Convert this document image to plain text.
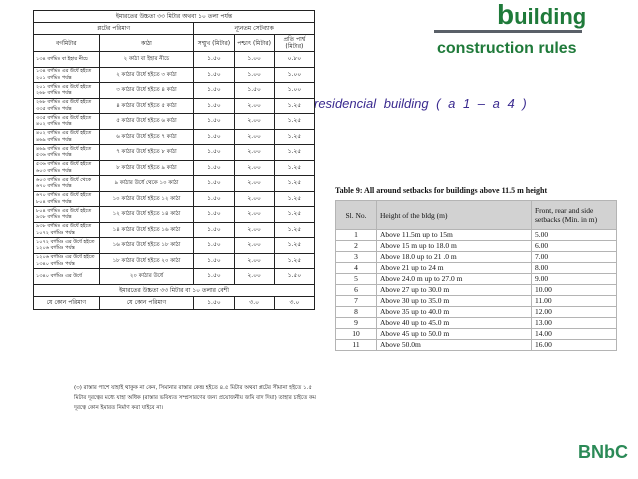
building
construction rules
residencial building ( a 1 – a 4 )
ইমারতের উচ্চতা ৩৩ মিটার অথবা ১০ তলা পর্যন্ত				
প্লটের পরিমাণ		ন্যূনতম সেটব্যাক		
বর্গমিটার	কাঠা	সম্মুখ (মিটার)	পশ্চাৎ (মিটার)	প্রতি পার্শ্ব (মিটার)
১৩৪ বর্গমিঃ বা ইহার নীচে	২ কাঠা বা ইহার নীচে	১.৫০	১.০০	০.৮০
১৩৪ বর্গমিঃ এর উর্ধে হইতে ২০১ বর্গমিঃ পর্যন্ত	২ কাঠার উর্ধে হইতে ৩ কাঠা	১.৫০	১.০০	১.০০
২০১ বর্গমিঃ এর উর্ধে হইতে ২৬৮ বর্গমিঃ পর্যন্ত	৩ কাঠার উর্ধে হইতে ৪ কাঠা	১.৫০	১.৫০	১.০০
২৬৮ বর্গমিঃ এর উর্ধে হইতে ৩৩৫ বর্গমিঃ পর্যন্ত	৪ কাঠার উর্ধে হইতে ৫ কাঠা	১.৫০	২.০০	১.২৫
৩৩৫ বর্গমিঃ এর উর্ধে হইতে ৪০২ বর্গমিঃ পর্যন্ত	৫ কাঠার উর্ধে হইতে ৬ কাঠা	১.৫০	২.০০	১.২৫
৪০২ বর্গমিঃ এর উর্ধে হইতে ৪৬৯ বর্গমিঃ পর্যন্ত	৬ কাঠার উর্ধে হইতে ৭ কাঠা	১.৫০	২.০০	১.২৫
৪৬৯ বর্গমিঃ এর উর্ধে হইতে ৫৩৬ বর্গমিঃ পর্যন্ত	৭ কাঠার উর্ধে হইতে ৮ কাঠা	১.৫০	২.০০	১.২৫
৫৩৬ বর্গমিঃ এর উর্ধে হইতে ৬০৩ বর্গমিঃ পর্যন্ত	৮ কাঠার উর্ধে হইতে ৯ কাঠা	১.৫০	২.০০	১.২৫
৬০৩ বর্গমিঃ এর উর্ধে থেকে ৬৭০ বর্গমিঃ পর্যন্ত	৯ কাঠার উর্ধে থেকে ১০ কাঠা	১.৫০	২.০০	১.২৫
৬৭০ বর্গমিঃ এর উর্ধে হইতে ৮০৪ বর্গমিঃ পর্যন্ত	১০ কাঠার উর্ধে হইতে ১২ কাঠা	১.৫০	২.০০	১.২৫
৮০৪ বর্গমিঃ এর উর্ধে হইতে ৯৩৮ বর্গমিঃ পর্যন্ত	১২ কাঠার উর্ধে হইতে ১৪ কাঠা	১.৫০	২.০০	১.২৫
৯৩৮ বর্গমিঃ এর উর্ধে হইতে ১০৭২ বর্গমিঃ পর্যন্ত	১৪ কাঠার উর্ধে হইতে ১৬ কাঠা	১.৫০	২.০০	১.২৫
১০৭২ বর্গমিঃ এর উর্ধে হইতে ১২০৬ বর্গমিঃ পর্যন্ত	১৬ কাঠার উর্ধে হইতে ১৮ কাঠা	১.৫০	২.০০	১.২৫
১২০৬ বর্গমিঃ এর উর্ধে হইতে ১৩৪০ বর্গমিঃ পর্যন্ত	১৮ কাঠার উর্ধে হইতে ২০ কাঠা	১.৫০	২.০০	১.২৫
১৩৪০ বর্গমিঃ এর উর্ধে	২০ কাঠার উর্ধে	১.৫০	২.০০	১.৫০
ইমারতের উচ্চতা ৩৩ মিটার বা ১০ তলার বেশী				
যে কোন পরিমাণ	যে কোন পরিমাণ	১.৫০	৩.০	৩.০
(৩) রাস্তার পাশে যাহাই থাকুক না কেন, সিমানার রাস্তার কেন্দ্র হইতে ৪.৫ মিটার অথবা প্লটের সীমানা হইতে ১.৫ মিটার দূরত্বের মধ্যে যাহা অধিক (রাস্তার ভবিষ্যত সম্প্রসারণের জন্য প্রয়োজনীয় জমি বাদ দিয়া) তাহার চাইতে কম দূরত্বে কোন ইমারত নির্মাণ করা যাইবে না।
Table 9: All around setbacks for buildings above 11.5 m height
Sl. No.	Height of the bldg (m)	Front, rear and side setbacks (Min. in m)
1	Above 11.5m up to 15m	5.00
2	Above 15 m up to 18.0 m	6.00
3	Above 18.0 up to 21 .0 m	7.00
4	Above 21 up to 24 m	8.00
5	Above 24.0 m up to 27.0 m	9.00
6	Above 27 up to 30.0 m	10.00
7	Above 30 up to 35.0 m	11.00
8	Above 35 up to 40.0 m	12.00
9	Above 40 up to 45.0 m	13.00
10	Above 45 up to 50.0 m	14.00
11	Above 50.0m	16.00
BNbC
